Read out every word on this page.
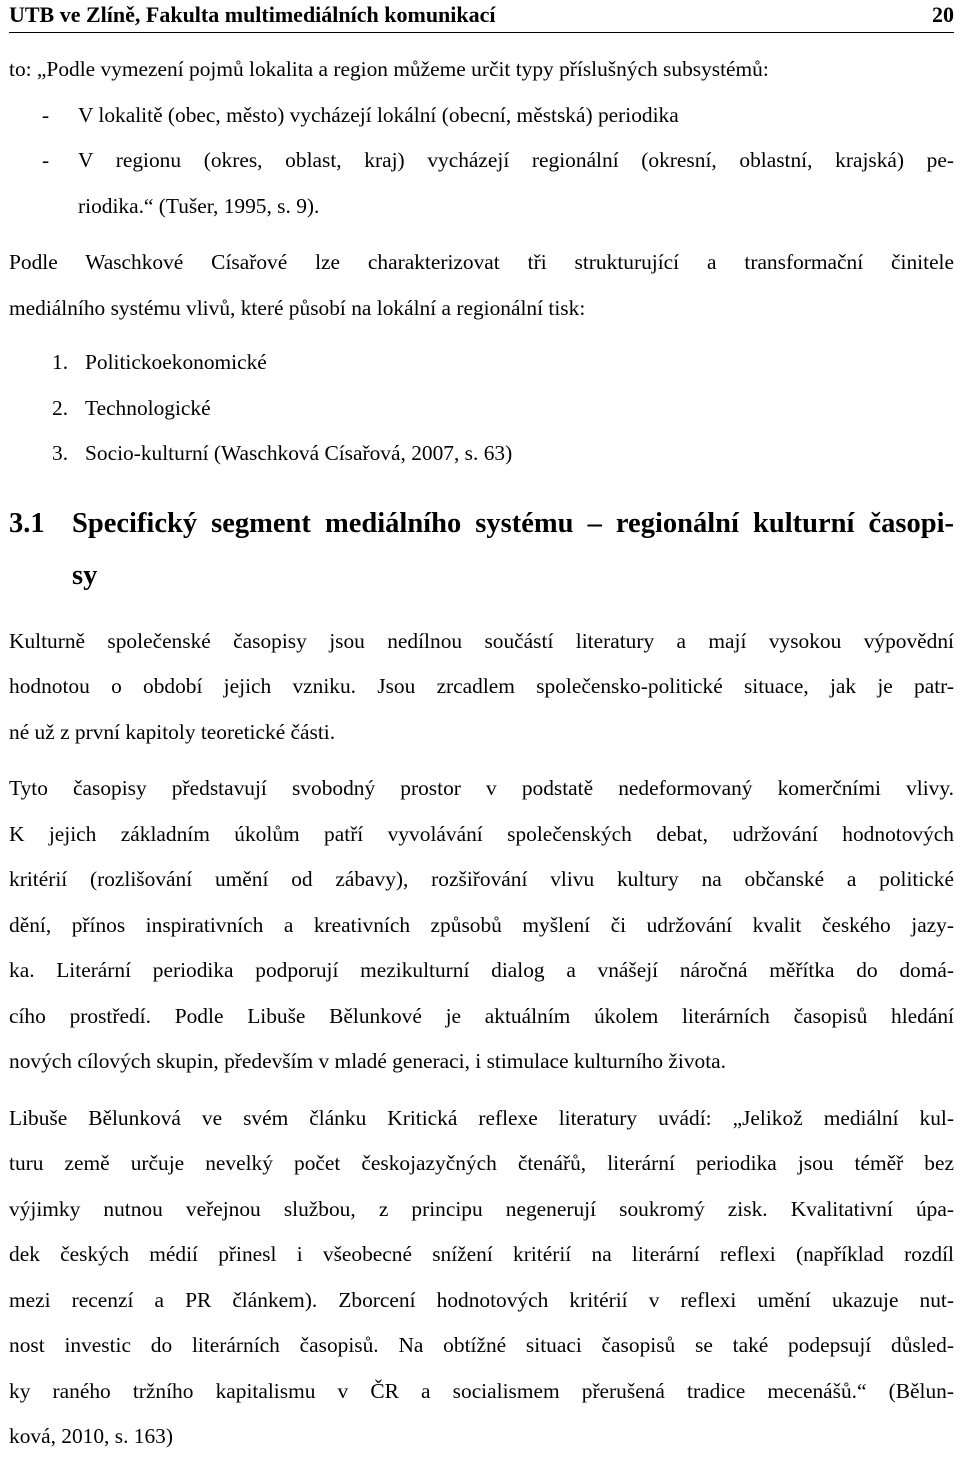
UTB ve Zlíně, Fakulta multimediálních komunikací	20

to: „Podle vymezení pojmů lokalita a region můžeme určit typy příslušných subsystémů:

- V lokalitě (obec, město) vycházejí lokální (obecní, městská) periodika
- V regionu (okres, oblast, kraj) vycházejí regionální (okresní, oblastní, krajská) pe-
riodika.“ (Tušer, 1995, s. 9).

Podle Waschkové Císařové lze charakterizovat tři strukturující a transformační činitele
mediálního systému vlivů, které působí na lokální a regionální tisk:

1. Politickoekonomické
2. Technologické
3. Socio-kulturní (Waschková Císařová, 2007, s. 63)
3.1 Specifický segment mediálního systému – regionální kulturní časopi-
sy

Kulturně společenské časopisy jsou nedílnou součástí literatury a mají vysokou výpovědní
hodnotou o období jejich vzniku. Jsou zrcadlem společensko-politické situace, jak je patr-
né už z první kapitoly teoretické části.

Tyto časopisy představují svobodný prostor v podstatě nedeformovaný komerčními vlivy.
K jejich základním úkolům patří vyvolávání společenských debat, udržování hodnotových
kritérií (rozlišování umění od zábavy), rozšiřování vlivu kultury na občanské a politické
dění, přínos inspirativních a kreativních způsobů myšlení či udržování kvalit českého jazy-
ka. Literární periodika podporují mezikulturní dialog a vnášejí náročná měřítka do domá-
cího prostředí. Podle Libuše Bělunkové je aktuálním úkolem literárních časopisů hledání
nových cílových skupin, především v mladé generaci, i stimulace kulturního života.

Libuše Bělunková ve svém článku Kritická reflexe literatury uvádí: „Jelikož mediální kul-
turu země určuje nevelký počet českojazyčných čtenářů, literární periodika jsou téměř bez
výjimky nutnou veřejnou službou, z principu negenerují soukromý zisk. Kvalitativní úpa-
dek českých médií přinesl i všeobecné snížení kritérií na literární reflexi (například rozdíl
mezi recenzí a PR článkem). Zborcení hodnotových kritérií v reflexi umění ukazuje nut-
nost investic do literárních časopisů. Na obtížné situaci časopisů se také podepsují důsled-
ky raného tržního kapitalismu v ČR a socialismem přerušená tradice mecenášů.“ (Bělun-
ková, 2010, s. 163)
